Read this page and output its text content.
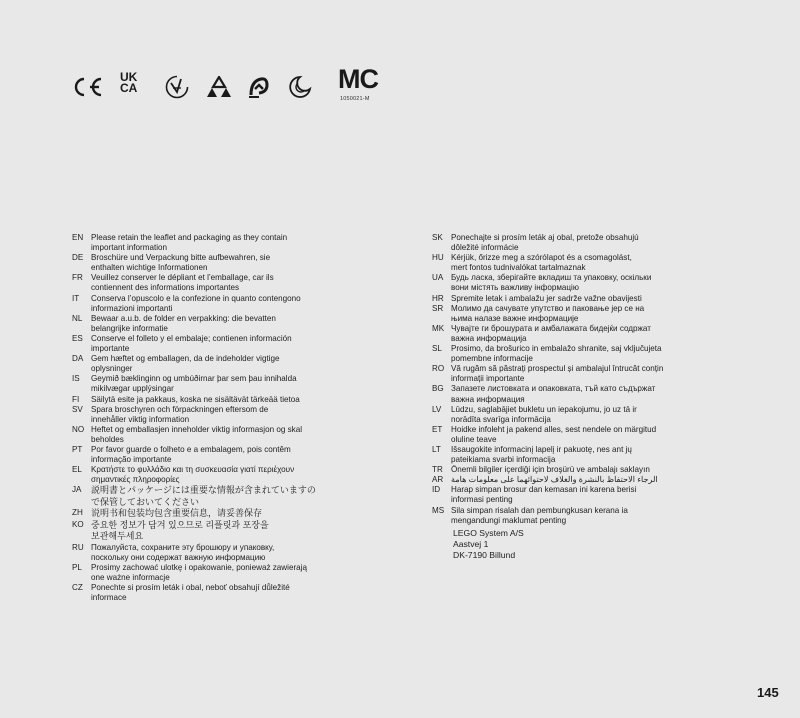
UK
CA	MC
1050021-M
EN Please retain the leaflet and packaging as they contain
important information
DE Broschüre und Verpackung bitte aufbewahren, sie
enthalten wichtige Informationen
FR	Veuillez conserver le dépliant et l’emballage, car ils
contiennent des informations importantes
IT	Conserva l’opuscolo e la confezione in quanto contengono
informazioni importanti
NL	Bewaar a.u.b. de folder en verpakking: die bevatten
belangrijke informatie
ES	Conserve el folleto y el embalaje; contienen información
importante
DA Gem hæftet og emballagen, da de indeholder vigtige
oplysninger
IS	Geymið bæklinginn og umbúðirnar þar sem þau innihalda
mikilvægar upplýsingar
FI	Säilytä esite ja pakkaus, koska ne sisältävät tärkeää tietoa
SV	Spara broschyren och förpackningen eftersom de
innehåller viktig information
NO Heftet og emballasjen inneholder viktig informasjon og skal
beholdes
PT	Por favor guarde o folheto e a embalagem, pois contêm
informação importante
EL	Κρατήστε το φυλλάδιο και τη συσκευασία γιατί περιέχουν
σημαντικές πληροφορίες
JA	説明書とパッケージには重要な情報が含まれていますの
で保管しておいてください
ZH 说明书和包装均包含重要信息，请妥善保存
KO 중요한 정보가 담겨 있으므로 리플릿과 포장을
보관해두세요
RU Пожалуйста, сохраните эту брошюру и упаковку,
поскольку они содержат важную информацию
PL	Prosimy zachować ulotkę i opakowanie, ponieważ zawierają
one ważne informacje
CZ	Ponechte si prosím leták i obal, neboť obsahují důležité
informace
SK	Ponechajte si prosím leták aj obal, pretože obsahujú
dôležité informácie
HU Kérjük, őrizze meg a szórólapot és a csomagolást,
mert fontos tudnivalókat tartalmaznak
UA Будь ласка, зберігайте вкладиш та упаковку, оскільки
вони містять важливу інформацію
HR Spremite letak i ambalažu jer sadrže važne obavijesti
SR Молимо да сачувате упутство и паковање јер се на
њима налазе важне информације
MK Чувајте ги брошурата и амбалажата бидејќи содржат
важна информација
SL	Prosimo, da brošurico in embalažo shranite, saj vključujeta
pomembne informacije
RO Vă rugăm să păstrați prospectul și ambalajul întrucât conțin
informații importante
BG Запазете листовката и опаковката, тъй като съдържат
важна информация
LV	Lūdzu, saglabājiet bukletu un iepakojumu, jo uz tā ir
norādīta svarīga informācija
ET	Hoidke infoleht ja pakend alles, sest nendele on märgitud
oluline teave
LT	Išsaugokite informacinį lapelį ir pakuotę, nes ant jų
pateikiama svarbi informacija
TR	Önemli bilgiler içerdiği için broşürü ve ambalajı saklayın
AR الرجاء الاحتفاظ بالنشرة والغلاف لاحتوائهما على معلومات هامة
ID	Harap simpan brosur dan kemasan ini karena berisi
informasi penting
MS Sila simpan risalah dan pembungkusan kerana ia
mengandungi maklumat penting
LEGO System A/S
Aastvej 1
DK-7190 Billund
145
